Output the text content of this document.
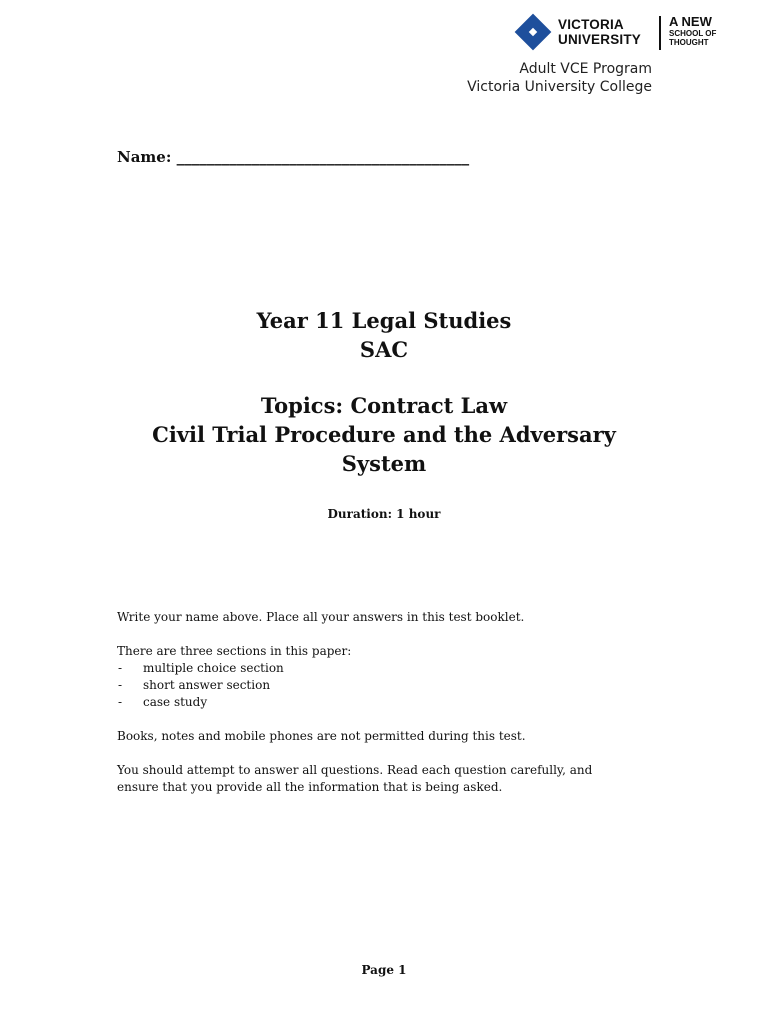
VICTORIA
UNIVERSITY
A NEW
SCHOOL OF
THOUGHT
Adult VCE Program
Victoria University College
Name: _______________________________________
Year 11 Legal Studies
SAC
Topics: Contract Law
Civil Trial Procedure and the Adversary
System
Duration: 1 hour

Write your name above. Place all your answers in this test booklet.

There are three sections in this paper:
- multiple choice section
- short answer section
- case study

Books, notes and mobile phones are not permitted during this test.

You should attempt to answer all questions. Read each question carefully, and
ensure that you provide all the information that is being asked.

Page 1
